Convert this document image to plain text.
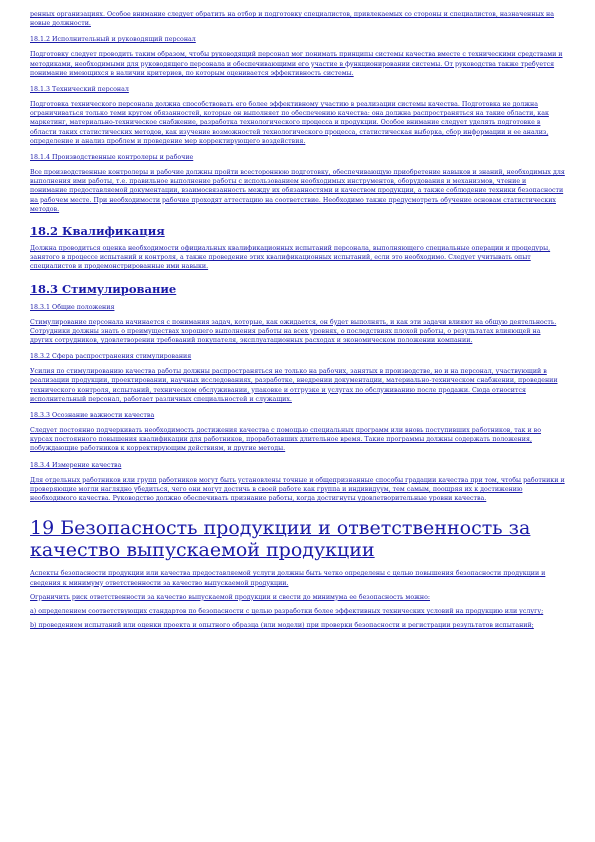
ренных организациях. Особое внимание следует обратить на отбор и подготовку специалистов, привлекаемых со стороны и специалистов, назначенных на новые должности.

18.1.2 Исполнительный и руководящий персонал

Подготовку следует проводить таким образом, чтобы руководящий персонал мог понимать принципы системы качества вместе с техническими средствами и методиками, необходимыми для руководящего персонала и обеспечивающими его участие в функционировании системы. От руководства также требуется понимание имеющихся в наличии критериев, по которым оценивается эффективность системы.

18.1.3 Технический персонал

Подготовка технического персонала должна способствовать его более эффективному участию в реализации системы качества. Подготовка не должна ограничиваться только теми кругом обязанностей, которые он выполняет по обеспечению качества: она должна распространяться на такие области, как маркетинг, материально-техническое снабжение, разработка технологического процесса и продукции. Особое внимание следует уделять подготовке в области таких статистических методов, как изучение возможностей технологического процесса, статистическая выборка, сбор информации и ее анализ, определение и анализ проблем и проведение мер корректирующего воздействия.

18.1.4 Производственные контролеры и рабочие

Все производственные контролеры и рабочие должны пройти всестороннюю подготовку, обеспечивающую приобретение навыков и знаний, необходимых для выполнения ими работы, т.е. правильное выполнение работы с использованием необходимых инструментов, оборудования и механизмов, чтение и понимание предоставляемой документации, взаимосвязанность между их обязанностями и качеством продукции, а также соблюдение техники безопасности на рабочем месте. При необходимости рабочие проходят аттестацию на соответствие. Необходимо также предусмотреть обучение основам статистических методов.

18.2 Квалификация

Должна проводиться оценка необходимости официальных квалификационных испытаний персонала, выполняющего специальные операции и процедуры, занятого в процессе испытаний и контроля, а также проведение этих квалификационных испытаний, если это необходимо. Следует учитывать опыт специалистов и продемонстрированные ими навыки.

18.3 Стимулирование

18.3.1 Общие положения

Стимулирование персонала начинается с понимания задач, которые, как ожидается, он будет выполнять, и как эти задачи влияют на общую деятельность. Сотрудники должны знать о преимуществах хорошего выполнения работы на всех уровнях, о последствиях плохой работы, о результатах влияющей на других сотрудников, удовлетворении требований покупателя, эксплуатационных расходах и экономическом положении компании.

18.3.2 Сфера распространения стимулирования

Усилия по стимулированию качества работы должны распространяться не только на рабочих, занятых в производстве, но и на персонал, участвующий в реализации продукции, проектировании, научных исследованиях, разработке, внедрении документации, материально-техническом снабжении, проведении технического контроля, испытаний, техническом обслуживании, упаковке и отгрузке и услугах по обслуживанию после продажи. Сюда относится исполнительный персонал, работает различных специальностей и служащих.

18.3.3 Осознание важности качества

Следует постоянно подчеркивать необходимость достижения качества с помощью специальных программ или вновь поступивших работников, так и во курсах постоянного повышения квалификации для работников, проработавших длительное время. Такие программы должны содержать положения, побуждающие работников к корректирующим действиям, и другие методы.

18.3.4 Измерение качества

Для отдельных работников или групп работников могут быть установлены точные и общепризнанные способы градации качества при том, чтобы работники и проверяющие могли наглядно убедиться, чего они могут достичь в своей работе как группа и индивидуум, тем самым, поощряя их к достижению необходимого качества. Руководство должно обеспечивать признание работы, когда достигнуты удовлетворительные уровни качества.

19 Безопасность продукции и ответственность за качество выпускаемой продукции

Аспекты безопасности продукции или качества предоставляемой услуги должны быть четко определены с целью повышения безопасности продукции и сведения к минимуму ответственности за качество выпускаемой продукции.

Ограничить риск ответственности за качество выпускаемой продукции и свести до минимума ее безопасность можно:

а) определением соответствующих стандартов по безопасности с целью разработки более эффективных технических условий на продукцию или услугу;

b) проведением испытаний или оценки проекта и опытного образца (или модели) при проверки безопасности и регистрации результатов испытаний;
